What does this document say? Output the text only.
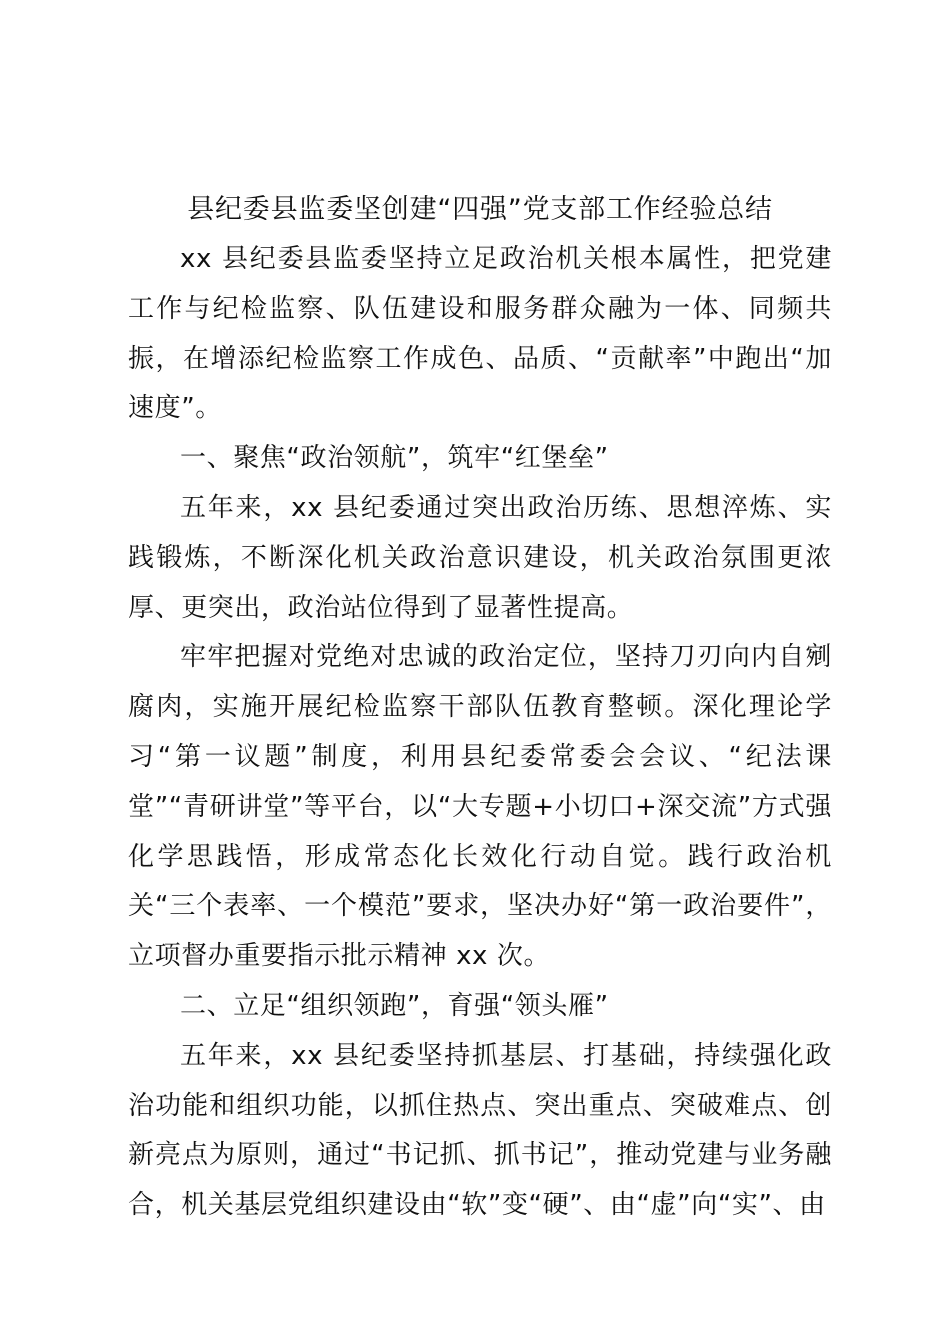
县纪委县监委坚创建“四强”党支部工作经验总结

xx 县纪委县监委坚持立足政治机关根本属性，把党建工作与纪检监察、队伍建设和服务群众融为一体、同频共振，在增添纪检监察工作成色、品质、“贡献率”中跑出“加速度”。

一、聚焦“政治领航”，筑牢“红堡垒”

五年来，xx 县纪委通过突出政治历练、思想淬炼、实践锻炼，不断深化机关政治意识建设，机关政治氛围更浓厚、更突出，政治站位得到了显著性提高。

牢牢把握对党绝对忠诚的政治定位，坚持刀刃向内自剜腐肉，实施开展纪检监察干部队伍教育整顿。深化理论学习“第一议题”制度，利用县纪委常委会会议、“纪法课堂”“青研讲堂”等平台，以“大专题+小切口+深交流”方式强化学思践悟，形成常态化长效化行动自觉。践行政治机关“三个表率、一个模范”要求，坚决办好“第一政治要件”，立项督办重要指示批示精神 xx 次。

二、立足“组织领跑”，育强“领头雁”

五年来，xx 县纪委坚持抓基层、打基础，持续强化政治功能和组织功能，以抓住热点、突出重点、突破难点、创新亮点为原则，通过“书记抓、抓书记”，推动党建与业务融合，机关基层党组织建设由“软”变“硬”、由“虚”向“实”、由
